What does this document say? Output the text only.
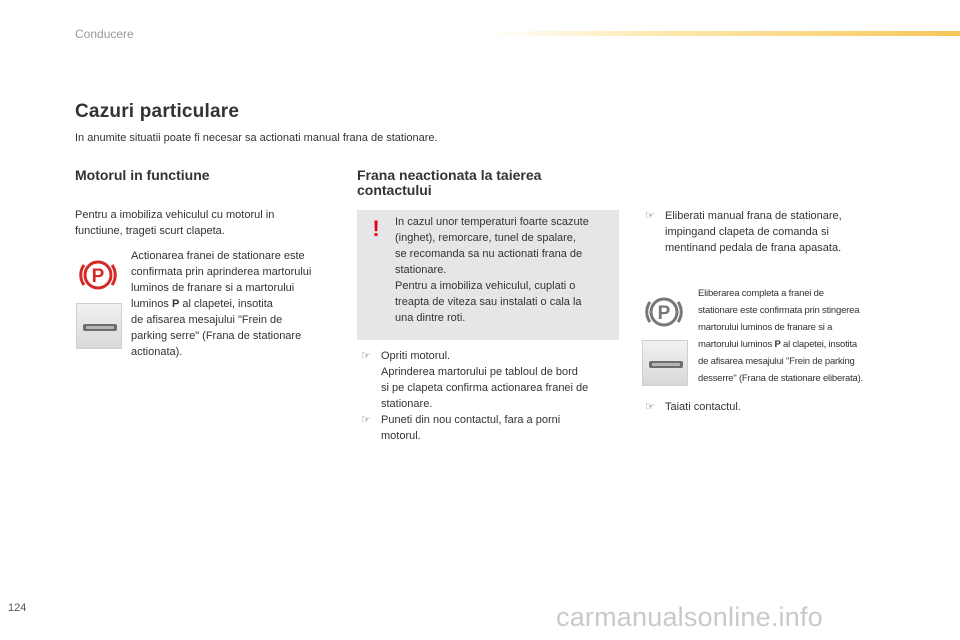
Conducere
Cazuri particulare
In anumite situatii poate fi necesar sa actionati manual frana de stationare.
Motorul in functiune
Pentru a imobiliza vehiculul cu motorul in functiune, trageti scurt clapeta.
P
Actionarea franei de stationare este
confirmata prin aprinderea martorului
luminos de franare si a martorului
luminos P al clapetei, insotita
de afisarea mesajului "Frein de
parking serre" (Frana de stationare
actionata).
Frana neactionata la taierea
contactului
! In cazul unor temperaturi foarte scazute
(inghet), remorcare, tunel de spalare,
se recomanda sa nu actionati frana de
stationare.
Pentru a imobiliza vehiculul, cuplati o
treapta de viteza sau instalati o cala la
una dintre roti.
☞ Opriti motorul.
Aprinderea martorului pe tabloul de bord
si pe clapeta confirma actionarea franei de
stationare.
☞ Puneti din nou contactul, fara a porni
motorul.
☞ Eliberati manual frana de stationare,
impingand clapeta de comanda si
mentinand pedala de frana apasata.
P
Eliberarea completa a franei de
stationare este confirmata prin stingerea
martorului luminos de franare si a
martorului luminos P al clapetei, insotita
de afisarea mesajului "Frein de parking
desserre" (Frana de stationare eliberata).
☞ Taiati contactul.
124	carmanualsonline.info
